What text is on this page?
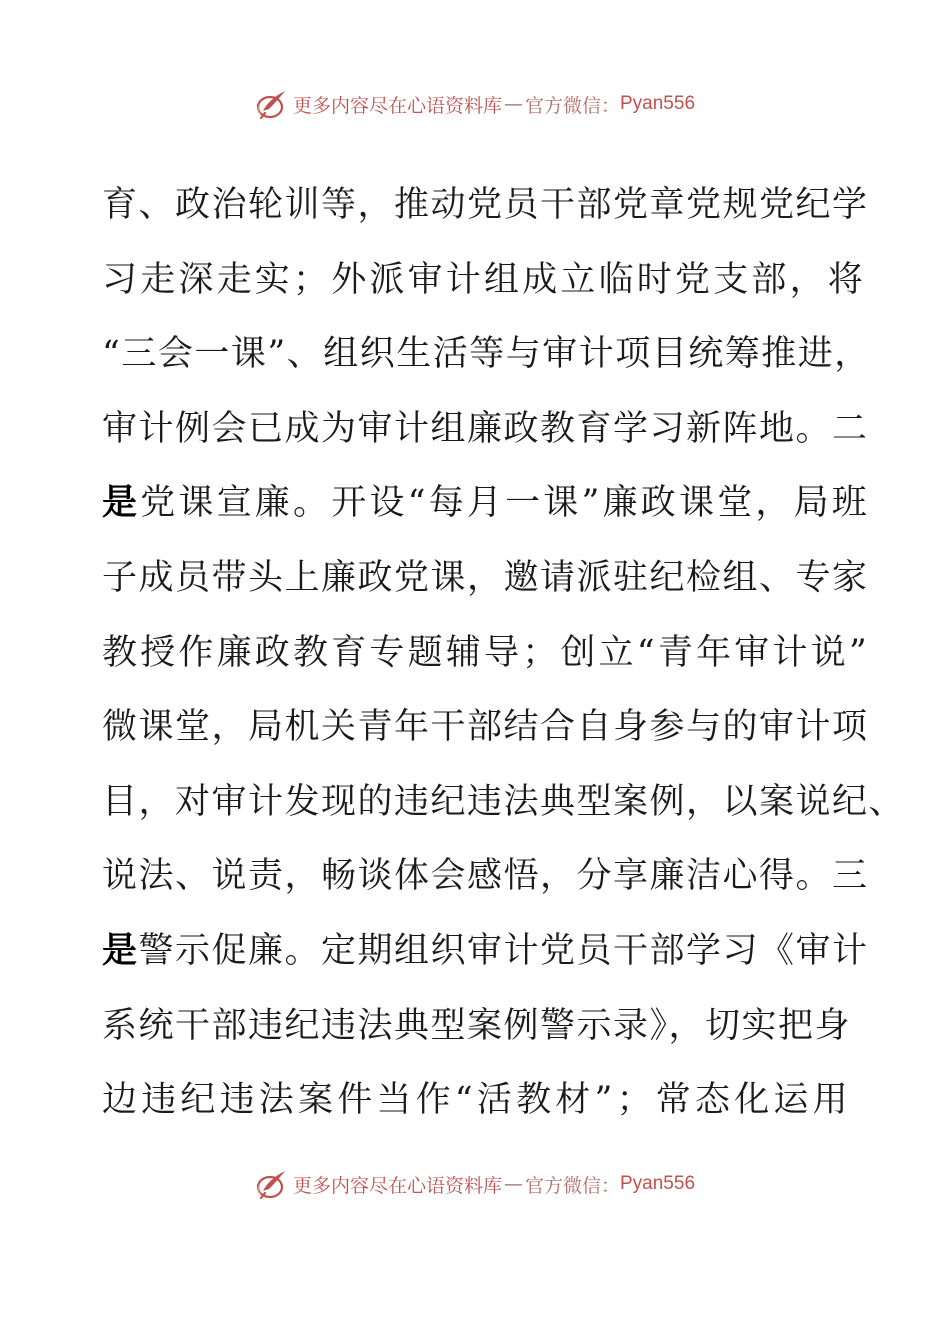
更多内容尽在心语资料库 — 官方微信： Pyan556
育、政治轮训等，推动党员干部党章党规党纪学
习走深走实；外派审计组成立临时党支部，将
“三会一课”、组织生活等与审计项目统筹推进，
审计例会已成为审计组廉政教育学习新阵地。二
是党课宣廉。开设“每月一课”廉政课堂，局班
子成员带头上廉政党课，邀请派驻纪检组、专家
教授作廉政教育专题辅导；创立“青年审计说”
微课堂，局机关青年干部结合自身参与的审计项
目，对审计发现的违纪违法典型案例，以案说纪、
说法、说责，畅谈体会感悟，分享廉洁心得。三
是警示促廉。定期组织审计党员干部学习《审计
系统干部违纪违法典型案例警示录》，切实把身
边违纪违法案件当作“活教材”；常态化运用
更多内容尽在心语资料库 — 官方微信： Pyan556
